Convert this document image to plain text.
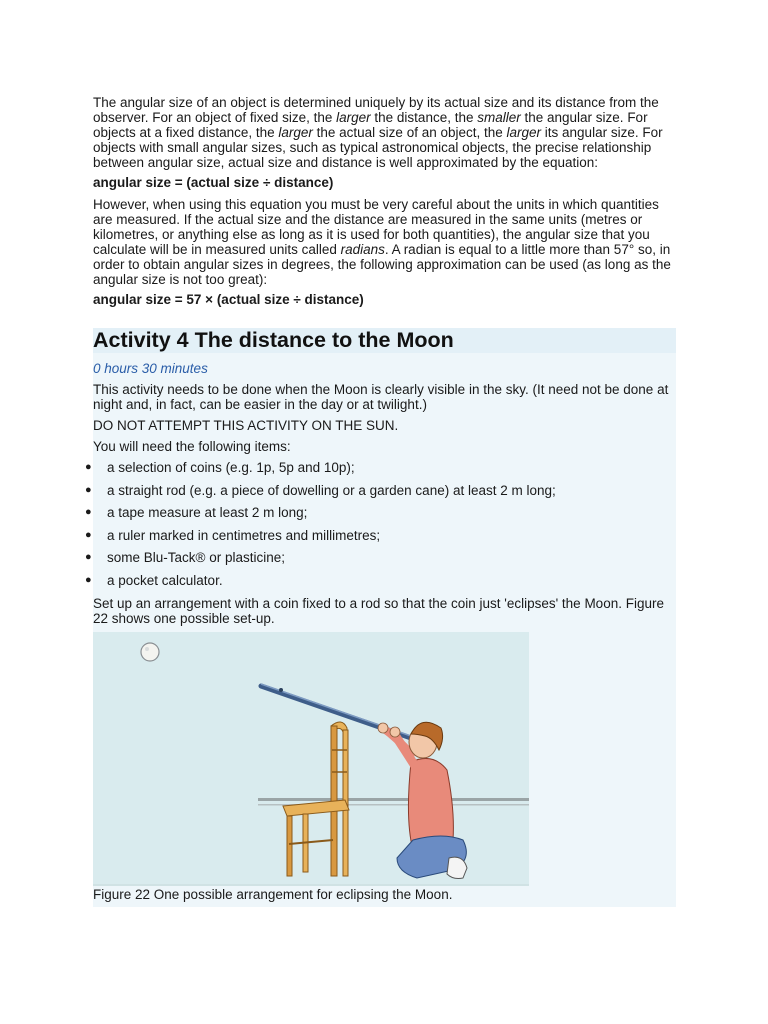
The angular size of an object is determined uniquely by its actual size and its distance from the observer. For an object of fixed size, the larger the distance, the smaller the angular size. For objects at a fixed distance, the larger the actual size of an object, the larger its angular size. For objects with small angular sizes, such as typical astronomical objects, the precise relationship between angular size, actual size and distance is well approximated by the equation:

angular size = (actual size ÷ distance)

However, when using this equation you must be very careful about the units in which quantities are measured. If the actual size and the distance are measured in the same units (metres or kilometres, or anything else as long as it is used for both quantities), the angular size that you calculate will be in measured units called radians. A radian is equal to a little more than 57° so, in order to obtain angular sizes in degrees, the following approximation can be used (as long as the angular size is not too great):

angular size = 57 × (actual size ÷ distance)

Activity 4 The distance to the Moon

0 hours 30 minutes

This activity needs to be done when the Moon is clearly visible in the sky. (It need not be done at night and, in fact, can be easier in the day or at twilight.)

DO NOT ATTEMPT THIS ACTIVITY ON THE SUN.

You will need the following items:

● a selection of coins (e.g. 1p, 5p and 10p);
● a straight rod (e.g. a piece of dowelling or a garden cane) at least 2 m long;
● a tape measure at least 2 m long;
● a ruler marked in centimetres and millimetres;
● some Blu-Tack® or plasticine;
● a pocket calculator.

Set up an arrangement with a coin fixed to a rod so that the coin just 'eclipses' the Moon. Figure 22 shows one possible set-up.

Figure 22 One possible arrangement for eclipsing the Moon.
